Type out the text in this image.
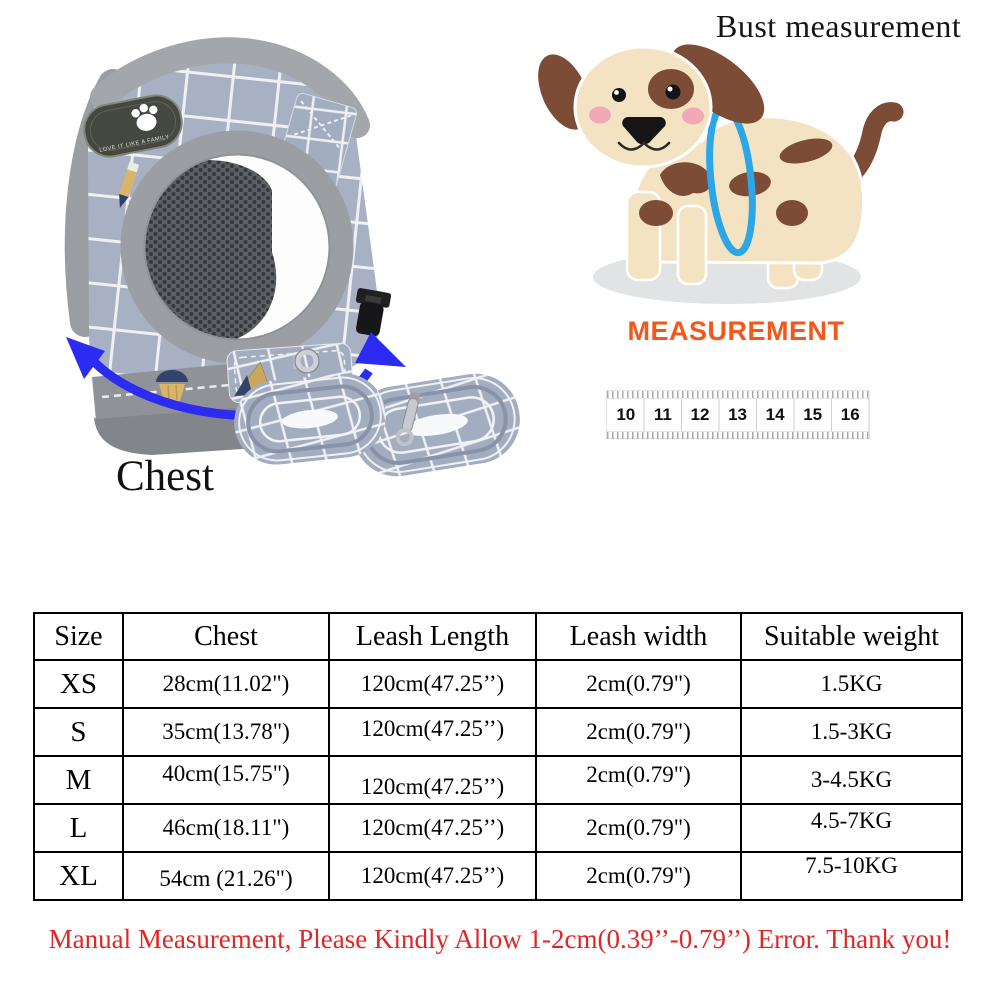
LOVE IT LIKE A FAMILY
Bust measurement
MEASUREMENT
10 11 12 13 14 15 16
Chest
Size	Chest	Leash Length	Leash width	Suitable weight
XS	28cm(11.02")	120cm(47.25’’)	2cm(0.79")	1.5KG
S	35cm(13.78")	120cm(47.25’’)	2cm(0.79")	1.5-3KG
M	40cm(15.75")	120cm(47.25’’)	2cm(0.79")	3-4.5KG
L	46cm(18.11")	120cm(47.25’’)	2cm(0.79")	4.5-7KG
XL	54cm (21.26")	120cm(47.25’’)	2cm(0.79")	7.5-10KG
Manual Measurement, Please Kindly Allow 1-2cm(0.39’’-0.79’’) Error. Thank you!
